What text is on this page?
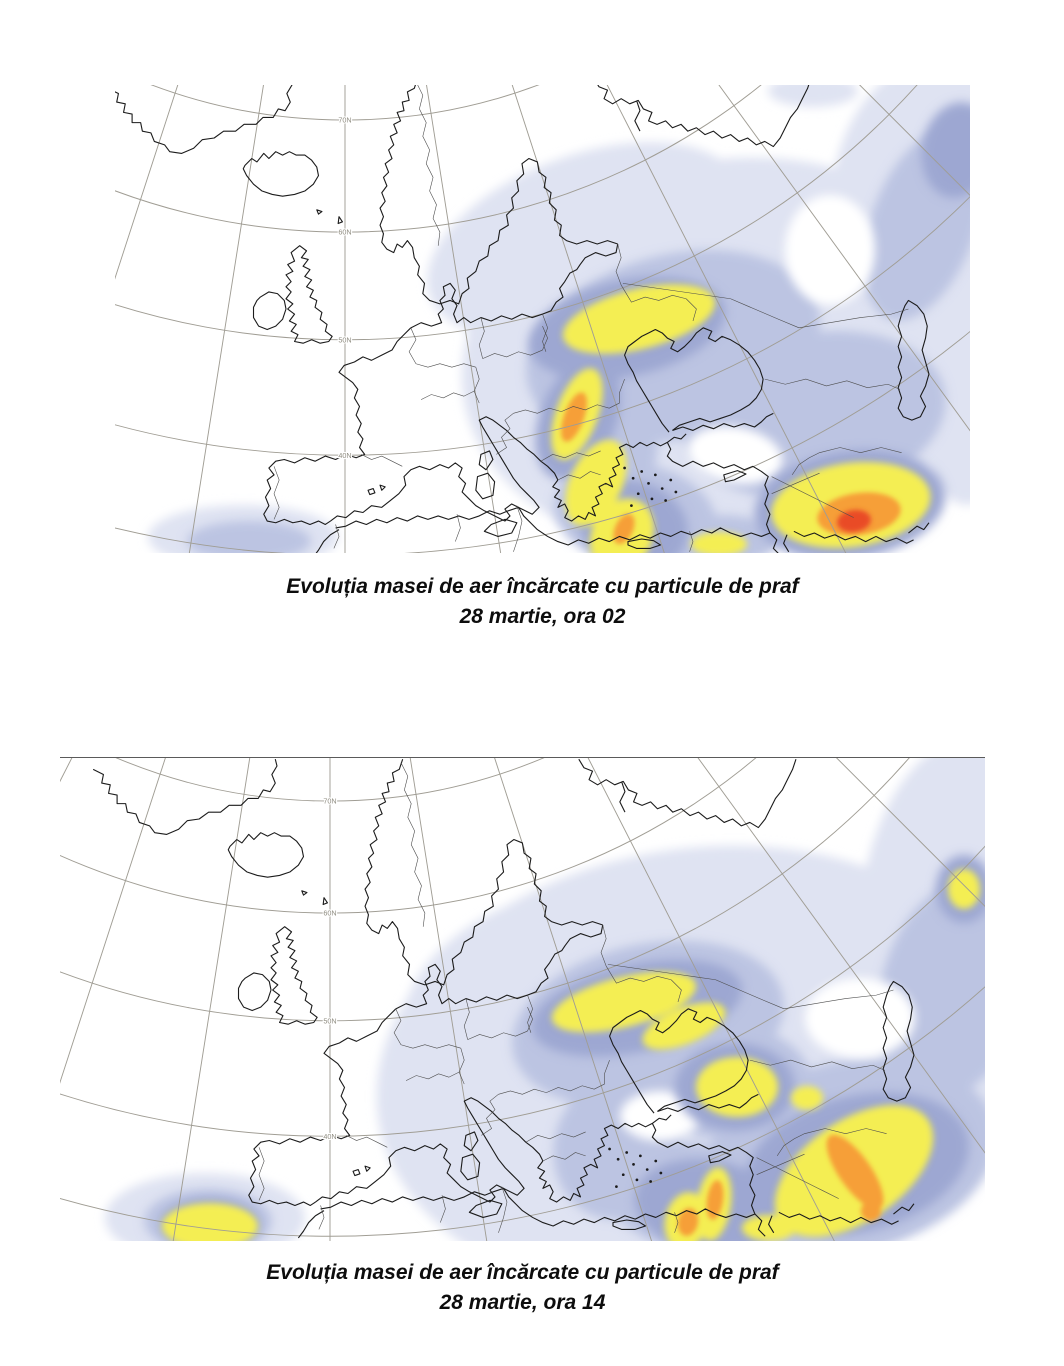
70N
60N
50N
40N
Evoluția masei de aer încărcate cu particule de praf
28 martie, ora 02
70N
60N
50N
40N
Evoluția masei de aer încărcate cu particule de praf
28 martie, ora 14
